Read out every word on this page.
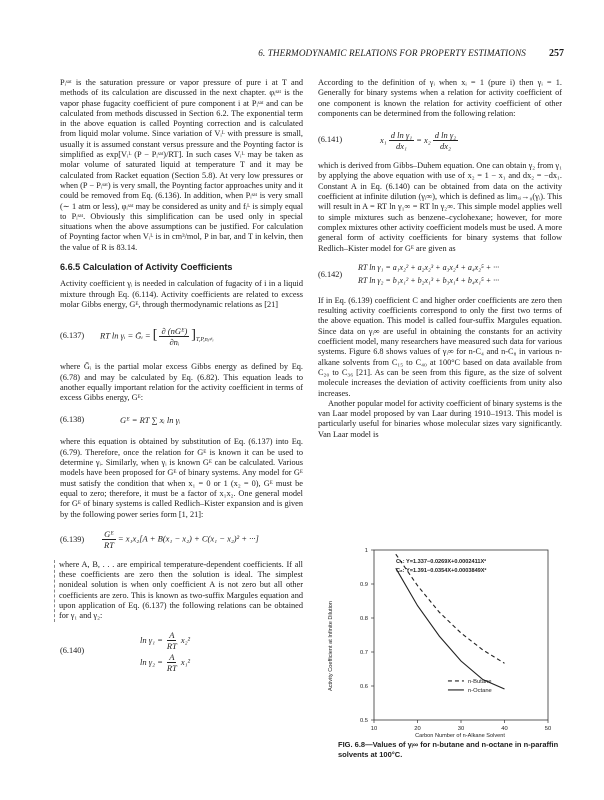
6. THERMODYNAMIC RELATIONS FOR PROPERTY ESTIMATIONS 257

Pᵢˢᵃᵗ is the saturation pressure or vapor pressure of pure i at T and methods of its calculation are discussed in the next chapter. φᵢˢᵃᵗ is the vapor phase fugacity coefficient of pure component i at Pᵢˢᵃᵗ and can be calculated from methods discussed in Section 6.2. The exponential term in the above equation is called Poynting correction and is calculated from liquid molar volume. Since variation of Vᵢᴸ with pressure is small, usually it is assumed constant versus pressure and the Poynting factor is simplified as exp[Vᵢᴸ (P − Pᵢˢᵃᵗ)/RT]. In such cases Vᵢᴸ may be taken as molar volume of saturated liquid at temperature T and it may be calculated from Racket equation (Section 5.8). At very low pressures or when (P − Pᵢˢᵃᵗ) is very small, the Poynting factor approaches unity and it could be removed from Eq. (6.136). In addition, when Pᵢˢᵃᵗ is very small (∼ 1 atm or less), φᵢˢᵃᵗ may be considered as unity and fᵢᴸ is simply equal to Pᵢˢᵃᵗ. Obviously this simplification can be used only in special situations when the above assumptions can be justified. For calculation of Poynting factor when Vᵢᴸ is in cm³/mol, P in bar, and T in kelvin, then the value of R is 83.14.

6.6.5 Calculation of Activity Coefficients

Activity coefficient γᵢ is needed in calculation of fugacity of i in a liquid mixture through Eq. (6.114). Activity coefficients are related to excess molar Gibbs energy, Gᴱ, through thermodynamic relations as [21]

(6.137)	RT ln γᵢ = Ḡᵢ = [ $\frac{\text{∂ (nGᴱ)}}{\text{∂nᵢ}} ]_{T,P,nⱼ\ne ᵢ}$

where Ḡᵢ is the partial molar excess Gibbs energy as defined by Eq. (6.78) and may be calculated by Eq. (6.82). This equation leads to another equally important relation for the activity coefficient in terms of excess Gibbs energy, Gᴱ:

(6.138)	Gᴱ = RT ∑ xᵢ ln γᵢ

where this equation is obtained by substitution of Eq. (6.137) into Eq. (6.79). Therefore, once the relation for Gᴱ is known it can be used to determine γᵢ. Similarly, when γᵢ is known Gᴱ can be calculated. Various models have been proposed for Gᴱ of binary systems. Any model for Gᴱ must satisfy the condition that when x₁ = 0 or 1 (x₂ = 0), Gᴱ must be equal to zero; therefore, it must be a factor of x₁x₂. One general model for Gᴱ of binary systems is called Redlich–Kister expansion and is given by the following power series form [1, 21]:

(6.139)	$\frac{\text{Gᴱ}}{RT} = x_1x_2[A + B(x_1 - x_2) + C(x_1 - x_2)^2$ + ···]

where A, B, . . . are empirical temperature-dependent coefficients. If all these coefficients are zero then the solution is ideal. The simplest nonideal solution is when only coefficient A is not zero but all other coefficients are zero. This is known as two-suffix Margules equation and upon application of Eq. (6.137) the following relations can be obtained for γ₁ and γ₂:

(6.140)
$\ln \gamma_1 = \frac{A}{RT} x_2^2$
$\ln \gamma_2 = \frac{A}{RT} x_1^2$

According to the definition of γᵢ when xᵢ = 1 (pure i) then γᵢ = 1. Generally for binary systems when a relation for activity coefficient of one component is known the relation for activity coefficient of other components can be determined from the following relation:

(6.141)	$x_1 \frac{\text{d ln γ₁}}{\text{dx₁}} = x_2 \frac{\text{d ln γ₂}}{\text{dx₂}}$

which is derived from Gibbs–Duhem equation. One can obtain γ₂ from γ₁ by applying the above equation with use of x₂ = 1 − x₁ and dx₂ = −dx₁. Constant A in Eq. (6.140) can be obtained from data on the activity coefficient at infinite dilution (γᵢ∞), which is defined as limₓᵢ→₀(γᵢ). This will result in A = RT ln γ₁∞ = RT ln γ₂∞. This simple model applies well to simple mixtures such as benzene–cyclohexane; however, for more complex mixtures other activity coefficient models must be used. A more general form of activity coefficients for binary systems that follow Redlich–Kister model for Gᴱ are given as

(6.142)
RT ln γ₁ = a₁x₂² + a₂x₂³ + a₃x₂⁴ + a₄x₂⁵ + ···
RT ln γ₂ = b₁x₁² + b₂x₁³ + b₃x₁⁴ + b₄x₁⁵ + ···

If in Eq. (6.139) coefficient C and higher order coefficients are zero then resulting activity coefficients correspond to only the first two terms of the above equation. This model is called four-suffix Margules equation. Since data on γᵢ∞ are useful in obtaining the constants for an activity coefficient model, many researchers have measured such data for various systems. Figure 6.8 shows values of γᵢ∞ for n-C₄ and n-C₈ in various n-alkane solvents from C₁₅ to C₄₀ at 100°C based on data available from C₂₀ to C₃₆ [21]. As can be seen from this figure, as the size of solvent molecule increases the deviation of activity coefficients from unity also increases.

Another popular model for activity coefficient of binary systems is the van Laar model proposed by van Laar during 1910–1913. This model is particularly useful for binaries whose molecular sizes vary significantly. Van Laar model is

10	20	30	40	50
0.5
0.6
0.7
0.8
0.9
1
n-Butane
n-Octane
C₄: Y=1.337−0.0269X+0.0002411X²
C₈: Y=1.391−0.0354X+0.0003849X²
Carbon Number of n-Alkane Solvent
Activity Coefficient at Infinite Dilution
FIG. 6.8—Values of γᵢ∞ for n-butane and n-octane in n-paraffin solvents at 100°C.
